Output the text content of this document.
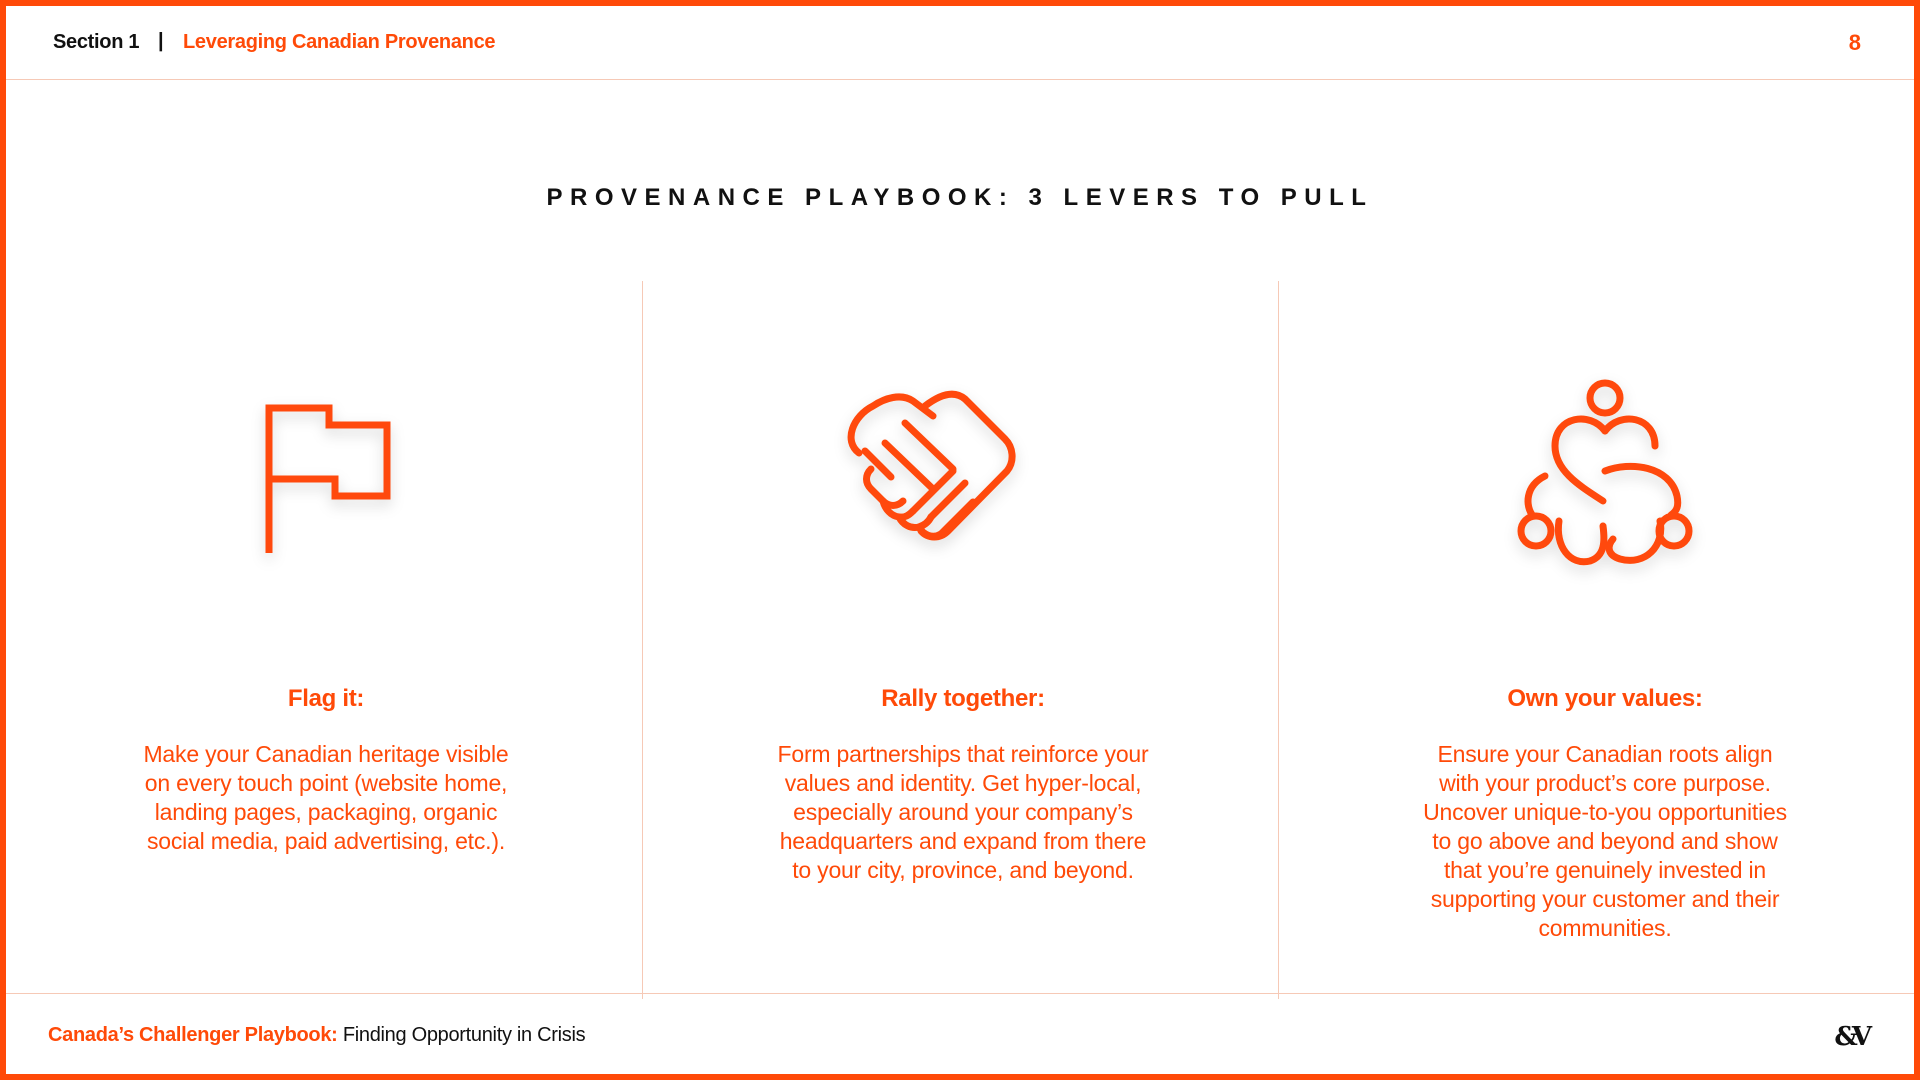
Section 1 | Leveraging Canadian Provenance	8
PROVENANCE PLAYBOOK: 3 LEVERS TO PULL
Flag it:
Make your Canadian heritage visible on every touch point (website home, landing pages, packaging, organic social media, paid advertising, etc.).
Rally together:
Form partnerships that reinforce your values and identity. Get hyper-local, especially around your company’s headquarters and expand from there to your city, province, and beyond.
Own your values:
Ensure your Canadian roots align with your product’s core purpose. Uncover unique-to-you opportunities to go above and beyond and show that you’re genuinely invested in supporting your customer and their communities.
Canada’s Challenger Playbook: Finding Opportunity in Crisis	&V
